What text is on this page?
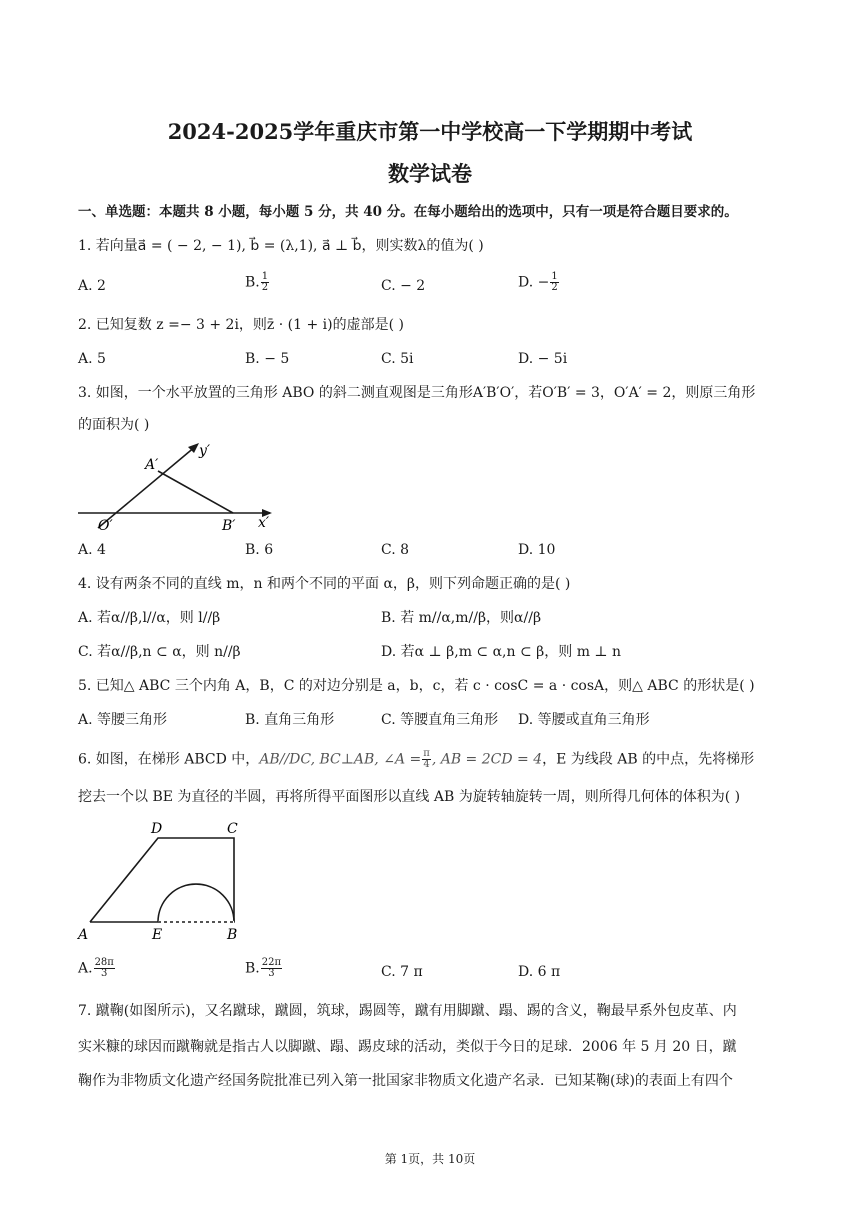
2024-2025学年重庆市第一中学校高一下学期期中考试
数学试卷
一、单选题：本题共 8 小题，每小题 5 分，共 40 分。在每小题给出的选项中，只有一项是符合题目要求的。
1. 若向量a⃗ = ( − 2, − 1), b⃗ = (λ,1), a⃗ ⊥ b⃗，则实数λ的值为( )
A. 2	B. $\frac{1}{2}$	C. − 2	D. − $\frac{1}{2}$
2. 已知复数 z =− 3 + 2i，则z̄ · (1 + i)的虚部是( )
A. 5	B. − 5	C. 5i	D. − 5i
3. 如图，一个水平放置的三角形 ABO 的斜二测直观图是三角形A′B′O′，若O′B′ = 3，O′A′ = 2，则原三角形
的面积为( )
y′
A′
O′	B′ x′
A. 4	B. 6	C. 8	D. 10
4. 设有两条不同的直线 m，n 和两个不同的平面 α，β，则下列命题正确的是( )
A. 若α//β,l//α，则 l//β	B. 若 m//α,m//β，则α//β
C. 若α//β,n ⊂ α，则 n//β	D. 若α ⊥ β,m ⊂ α,n ⊂ β，则 m ⊥ n
5. 已知△ ABC 三个内角 A，B，C 的对边分别是 a，b，c，若 c · cosC = a · cosA，则△ ABC 的形状是( )
A. 等腰三角形	B. 直角三角形	C. 等腰直角三角形 D. 等腰或直角三角形
6. 如图，在梯形 ABCD 中，AB//DC, BC⊥AB, ∠A = $\frac{\pi}{4}$ , AB = 2CD = 4，E 为线段 AB 的中点，先将梯形
挖去一个以 BE 为直径的半圆，再将所得平面图形以直线 AB 为旋转轴旋转一周，则所得几何体的体积为( )
D	C
A	E	B
A. $\frac{28\pi}{3}$	B. $\frac{22\pi}{3}$	C. 7 π	D. 6 π
7. 蹴鞠(如图所示)，又名蹴球，蹴圆，筑球，踢圆等，蹴有用脚蹴、蹋、踢的含义，鞠最早系外包皮革、内
实米糠的球因而蹴鞠就是指古人以脚蹴、蹋、踢皮球的活动，类似于今日的足球．2006 年 5 月 20 日，蹴
鞠作为非物质文化遗产经国务院批准已列入第一批国家非物质文化遗产名录．已知某鞠(球)的表面上有四个
第 1页，共 10页
